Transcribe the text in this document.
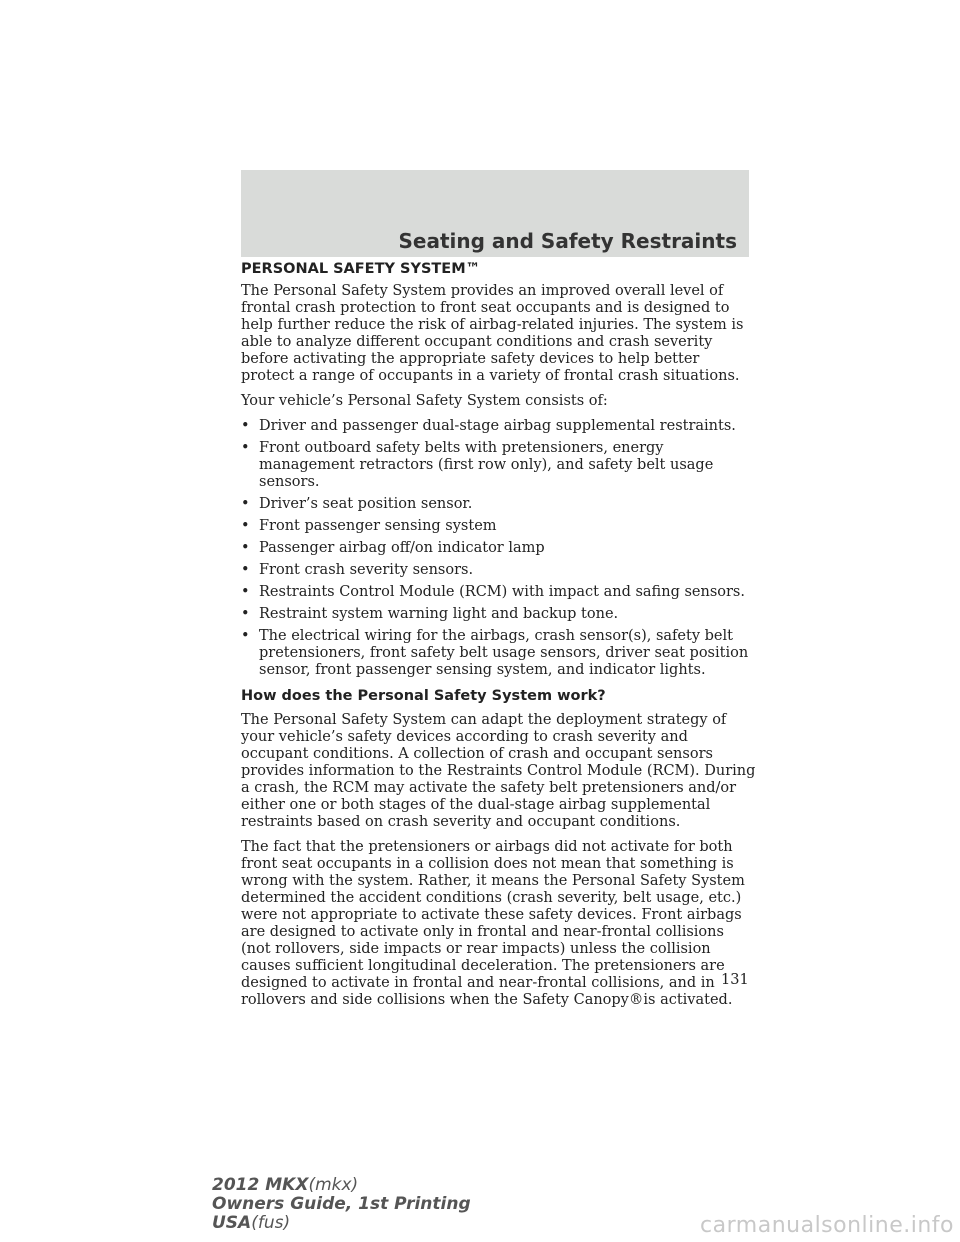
Seating and Safety Restraints
PERSONAL SAFETY SYSTEM™

The Personal Safety System provides an improved overall level of frontal crash protection to front seat occupants and is designed to help further reduce the risk of airbag-related injuries. The system is able to analyze different occupant conditions and crash severity before activating the appropriate safety devices to help better protect a range of occupants in a variety of frontal crash situations.

Your vehicle’s Personal Safety System consists of:

• Driver and passenger dual-stage airbag supplemental restraints.
• Front outboard safety belts with pretensioners, energy management retractors (first row only), and safety belt usage sensors.
• Driver’s seat position sensor.
• Front passenger sensing system
• Passenger airbag off/on indicator lamp
• Front crash severity sensors.
• Restraints Control Module (RCM) with impact and safing sensors.
• Restraint system warning light and backup tone.
• The electrical wiring for the airbags, crash sensor(s), safety belt pretensioners, front safety belt usage sensors, driver seat position sensor, front passenger sensing system, and indicator lights.
How does the Personal Safety System work?

The Personal Safety System can adapt the deployment strategy of your vehicle’s safety devices according to crash severity and occupant conditions. A collection of crash and occupant sensors provides information to the Restraints Control Module (RCM). During a crash, the RCM may activate the safety belt pretensioners and/or either one or both stages of the dual-stage airbag supplemental restraints based on crash severity and occupant conditions.

The fact that the pretensioners or airbags did not activate for both front seat occupants in a collision does not mean that something is wrong with the system. Rather, it means the Personal Safety System determined the accident conditions (crash severity, belt usage, etc.) were not appropriate to activate these safety devices. Front airbags are designed to activate only in frontal and near-frontal collisions (not rollovers, side impacts or rear impacts) unless the collision causes sufficient longitudinal deceleration. The pretensioners are designed to activate in frontal and near-frontal collisions, and in rollovers and side collisions when the Safety Canopy®is activated.

131
2012 MKX(mkx)
Owners Guide, 1st Printing
USA(fus)	carmanualsonline.info
